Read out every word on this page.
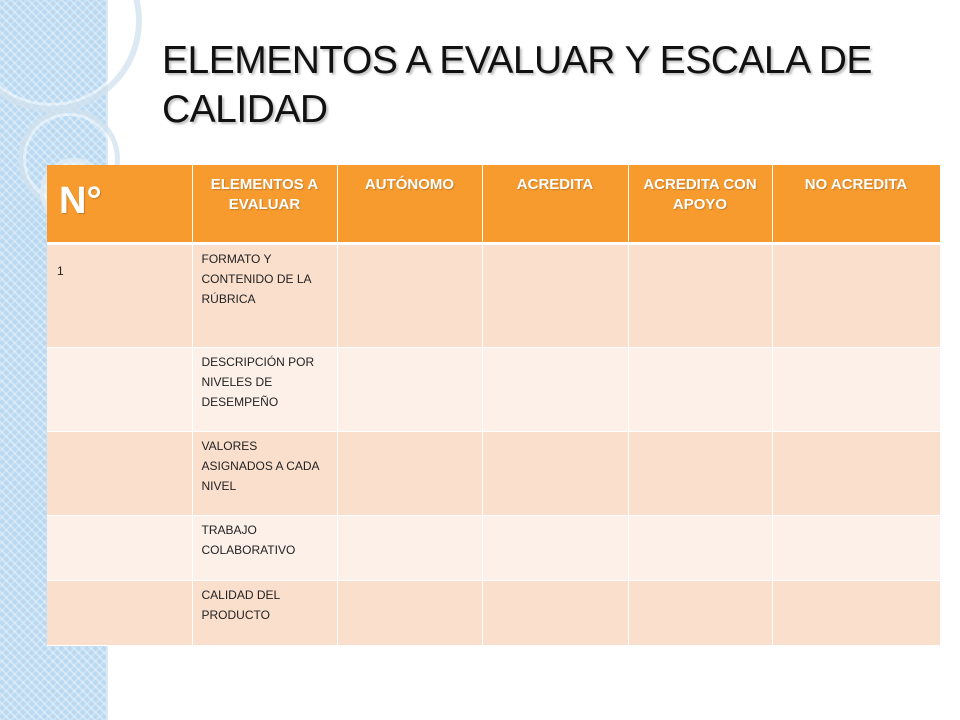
ELEMENTOS A EVALUAR Y ESCALA DE CALIDAD
N°	ELEMENTOS A EVALUAR	AUTÓNOMO	ACREDITA	ACREDITA CON APOYO	NO ACREDITA
1	FORMATO Y CONTENIDO DE LA RÚBRICA				
	DESCRIPCIÓN POR NIVELES DE DESEMPEÑO				
	VALORES ASIGNADOS A CADA NIVEL				
	TRABAJO COLABORATIVO				
	CALIDAD DEL PRODUCTO				
